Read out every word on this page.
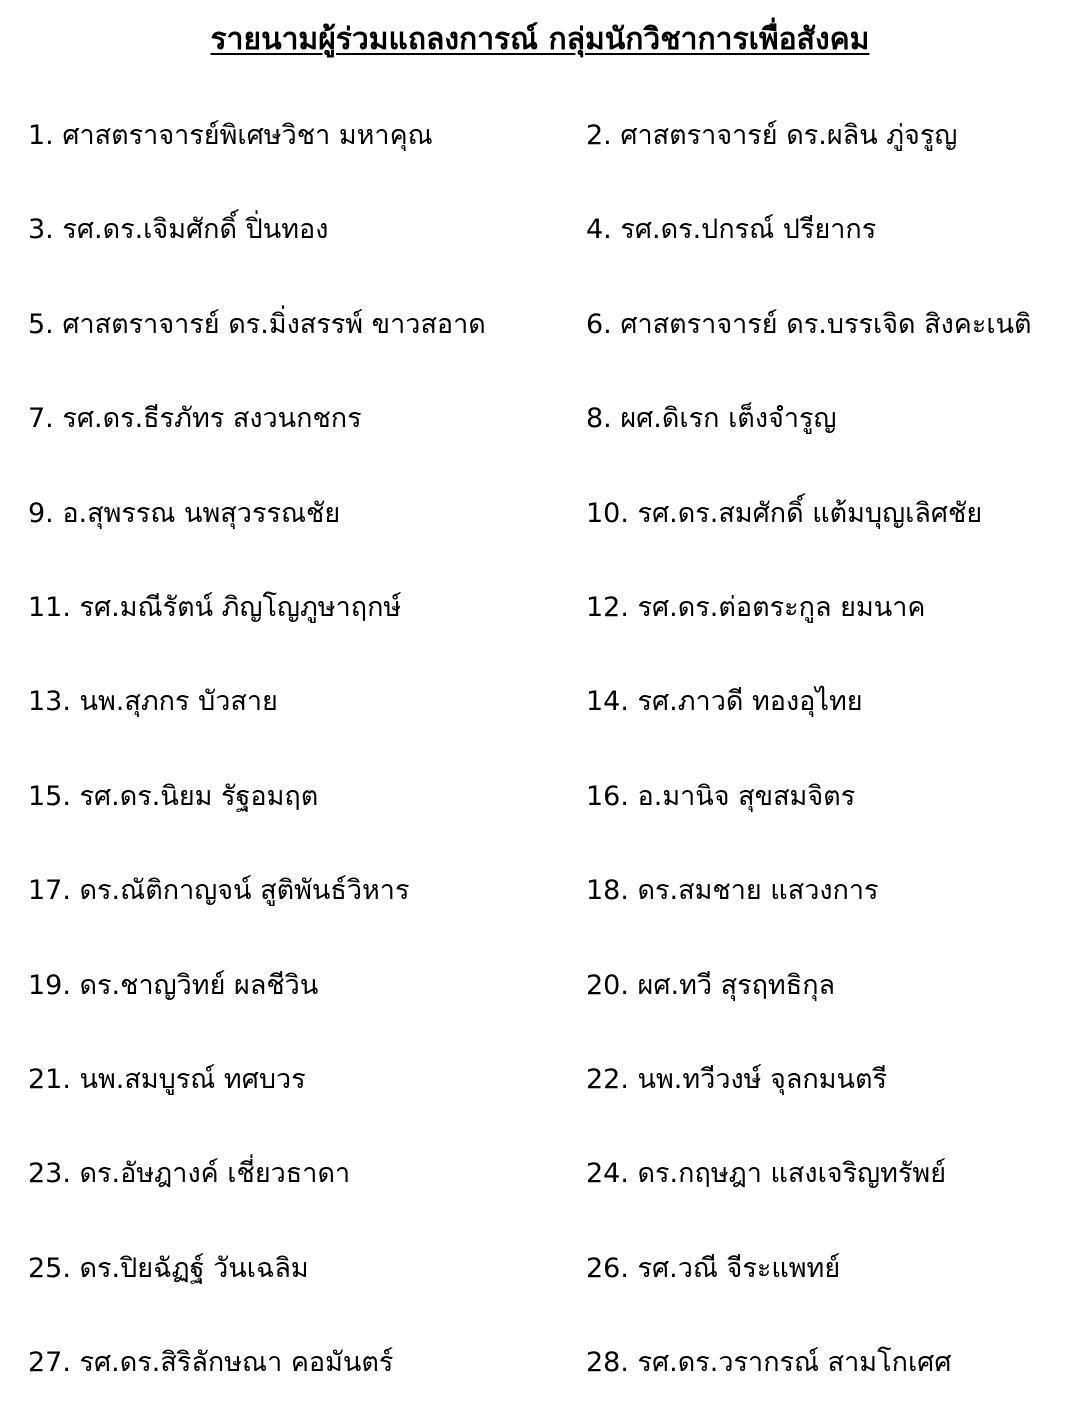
รายนามผู้ร่วมแถลงการณ์ กลุ่มนักวิชาการเพื่อสังคม
1. ศาสตราจารย์พิเศษวิชา มหาคุณ	2. ศาสตราจารย์ ดร.ผลิน ภู่จรูญ
3. รศ.ดร.เจิมศักดิ์ ปิ่นทอง	4. รศ.ดร.ปกรณ์ ปรียากร
5. ศาสตราจารย์ ดร.มิ่งสรรพ์ ขาวสอาด	6. ศาสตราจารย์ ดร.บรรเจิด สิงคะเนติ
7. รศ.ดร.ธีรภัทร สงวนกชกร	8. ผศ.ดิเรก เต็งจำรูญ
9. อ.สุพรรณ นพสุวรรณชัย	10. รศ.ดร.สมศักดิ์ แต้มบุญเลิศชัย
11. รศ.มณีรัตน์ ภิญโญภูษาฤกษ์	12. รศ.ดร.ต่อตระกูล ยมนาค
13. นพ.สุภกร บัวสาย	14. รศ.ภาวดี ทองอุไทย
15. รศ.ดร.นิยม รัฐอมฤต	16. อ.มานิจ สุขสมจิตร
17. ดร.ณัติกาญจน์ สูติพันธ์วิหาร	18. ดร.สมชาย แสวงการ
19. ดร.ชาญวิทย์ ผลชีวิน	20. ผศ.ทวี สุรฤทธิกุล
21. นพ.สมบูรณ์ ทศบวร	22. นพ.ทวีวงษ์ จุลกมนตรี
23. ดร.อัษฎางค์ เชี่ยวธาดา	24. ดร.กฤษฎา แสงเจริญทรัพย์
25. ดร.ปิยฉัฏฐ์ วันเฉลิม	26. รศ.วณี จีระแพทย์
27. รศ.ดร.สิริลักษณา คอมันตร์	28. รศ.ดร.วรากรณ์ สามโกเศศ
